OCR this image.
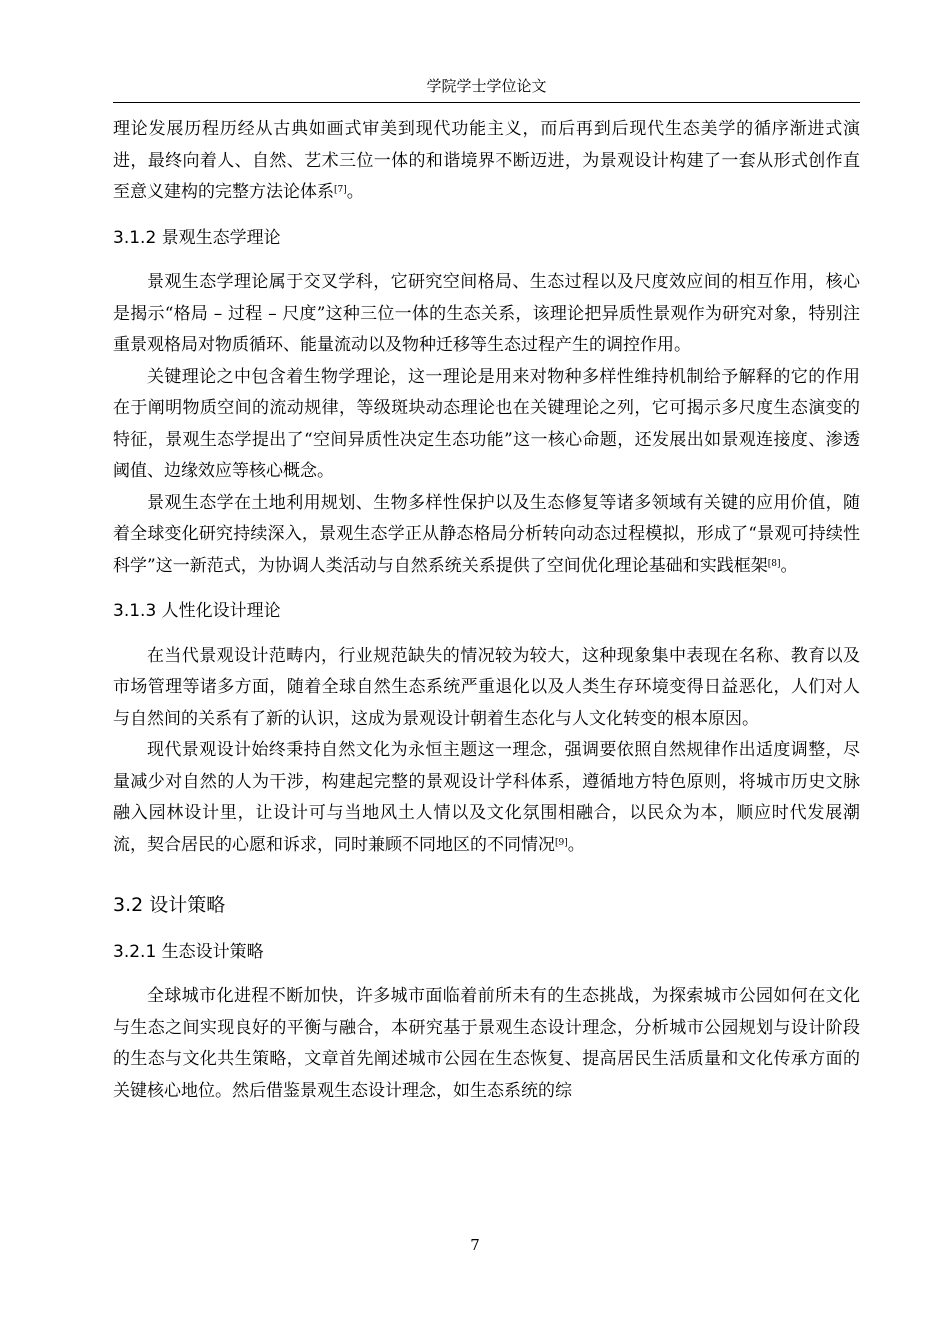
学院学士学位论文

理论发展历程历经从古典如画式审美到现代功能主义，而后再到后现代生态美学的循序渐进式演进，最终向着人、自然、艺术三位一体的和谐境界不断迈进，为景观设计构建了一套从形式创作直至意义建构的完整方法论体系[7]。

3.1.2 景观生态学理论

景观生态学理论属于交叉学科，它研究空间格局、生态过程以及尺度效应间的相互作用，核心是揭示“格局 – 过程 – 尺度”这种三位一体的生态关系，该理论把异质性景观作为研究对象，特别注重景观格局对物质循环、能量流动以及物种迁移等生态过程产生的调控作用。

关键理论之中包含着生物学理论，这一理论是用来对物种多样性维持机制给予解释的它的作用在于阐明物质空间的流动规律，等级斑块动态理论也在关键理论之列，它可揭示多尺度生态演变的特征，景观生态学提出了“空间异质性决定生态功能”这一核心命题，还发展出如景观连接度、渗透阈值、边缘效应等核心概念。

景观生态学在土地利用规划、生物多样性保护以及生态修复等诸多领域有关键的应用价值，随着全球变化研究持续深入，景观生态学正从静态格局分析转向动态过程模拟，形成了“景观可持续性科学”这一新范式，为协调人类活动与自然系统关系提供了空间优化理论基础和实践框架[8]。

3.1.3 人性化设计理论

在当代景观设计范畴内，行业规范缺失的情况较为较大，这种现象集中表现在名称、教育以及市场管理等诸多方面，随着全球自然生态系统严重退化以及人类生存环境变得日益恶化，人们对人与自然间的关系有了新的认识，这成为景观设计朝着生态化与人文化转变的根本原因。

现代景观设计始终秉持自然文化为永恒主题这一理念，强调要依照自然规律作出适度调整，尽量减少对自然的人为干涉，构建起完整的景观设计学科体系，遵循地方特色原则，将城市历史文脉融入园林设计里，让设计可与当地风土人情以及文化氛围相融合，以民众为本，顺应时代发展潮流，契合居民的心愿和诉求，同时兼顾不同地区的不同情况[9]。

3.2 设计策略
3.2.1 生态设计策略

全球城市化进程不断加快，许多城市面临着前所未有的生态挑战，为探索城市公园如何在文化与生态之间实现良好的平衡与融合，本研究基于景观生态设计理念，分析城市公园规划与设计阶段的生态与文化共生策略，文章首先阐述城市公园在生态恢复、提高居民生活质量和文化传承方面的关键核心地位。然后借鉴景观生态设计理念，如生态系统的综

7
